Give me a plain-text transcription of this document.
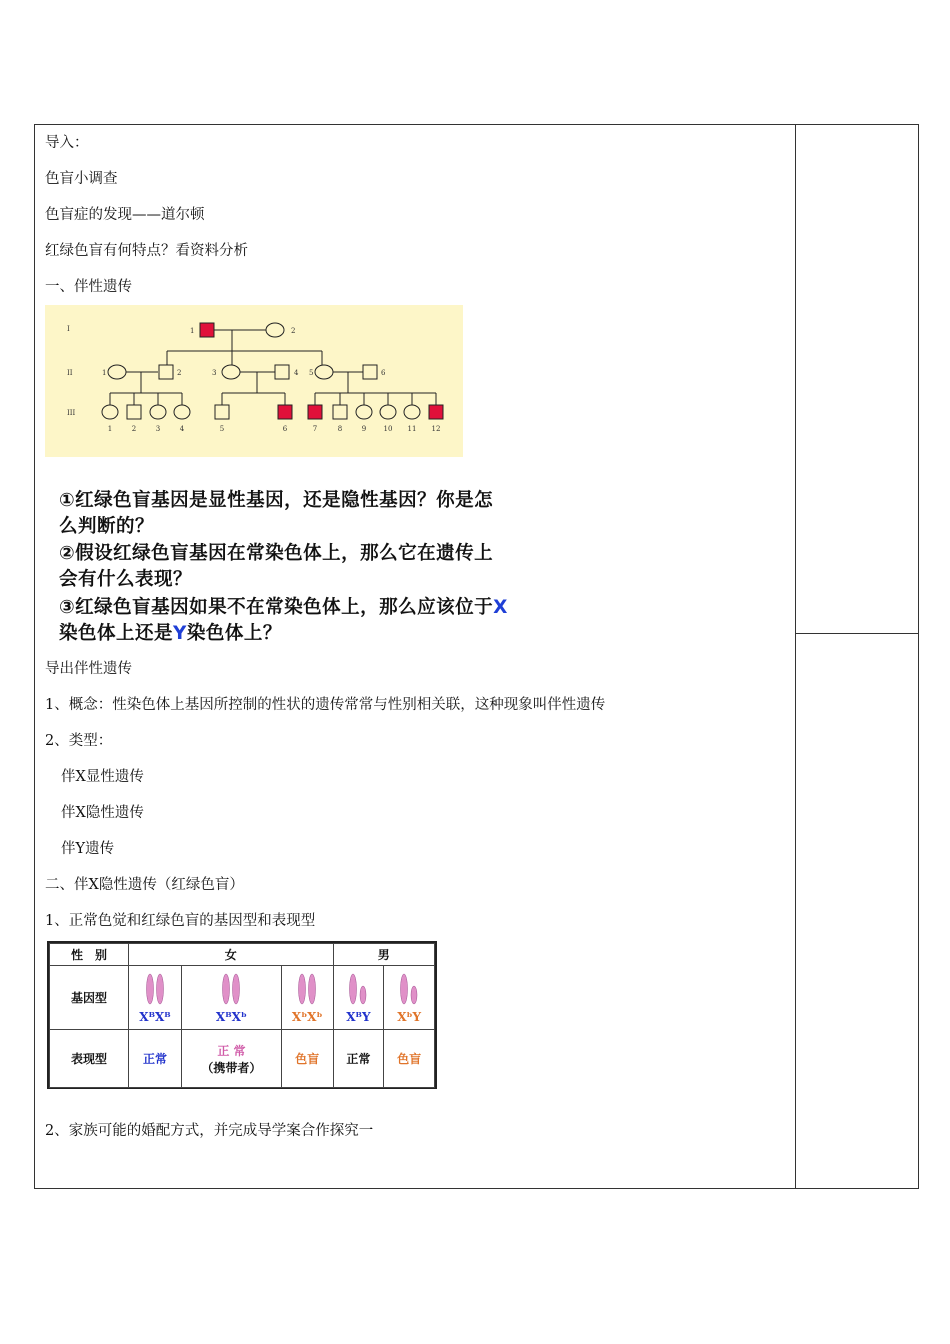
导入：
色盲小调查
色盲症的发现——道尔顿
红绿色盲有何特点？看资料分析
一、伴性遗传
I
II
III
1	2
1	2	3	4 5	6
1	2	3	4	5	6	7	8	9 10 11 12
①红绿色盲基因是显性基因，还是隐性基因？你是怎
么判断的？
②假设红绿色盲基因在常染色体上，那么它在遗传上
会有什么表现？
③红绿色盲基因如果不在常染色体上，那么应该位于X
染色体上还是Y染色体上？
导出伴性遗传
1、概念：性染色体上基因所控制的性状的遗传常常与性别相关联，这种现象叫伴性遗传
2、类型：
伴X显性遗传
伴X隐性遗传
伴Y遗传
二、伴X隐性遗传（红绿色盲）
1、正常色觉和红绿色盲的基因型和表现型
性　别	女			男	
基因型	XᴮXᴮ	XᴮXᵇ	XᵇXᵇ	XᴮY	XᵇY

表现型	正常	正 常
（携带者）	色盲	正常	色盲
2、家族可能的婚配方式，并完成导学案合作探究一
